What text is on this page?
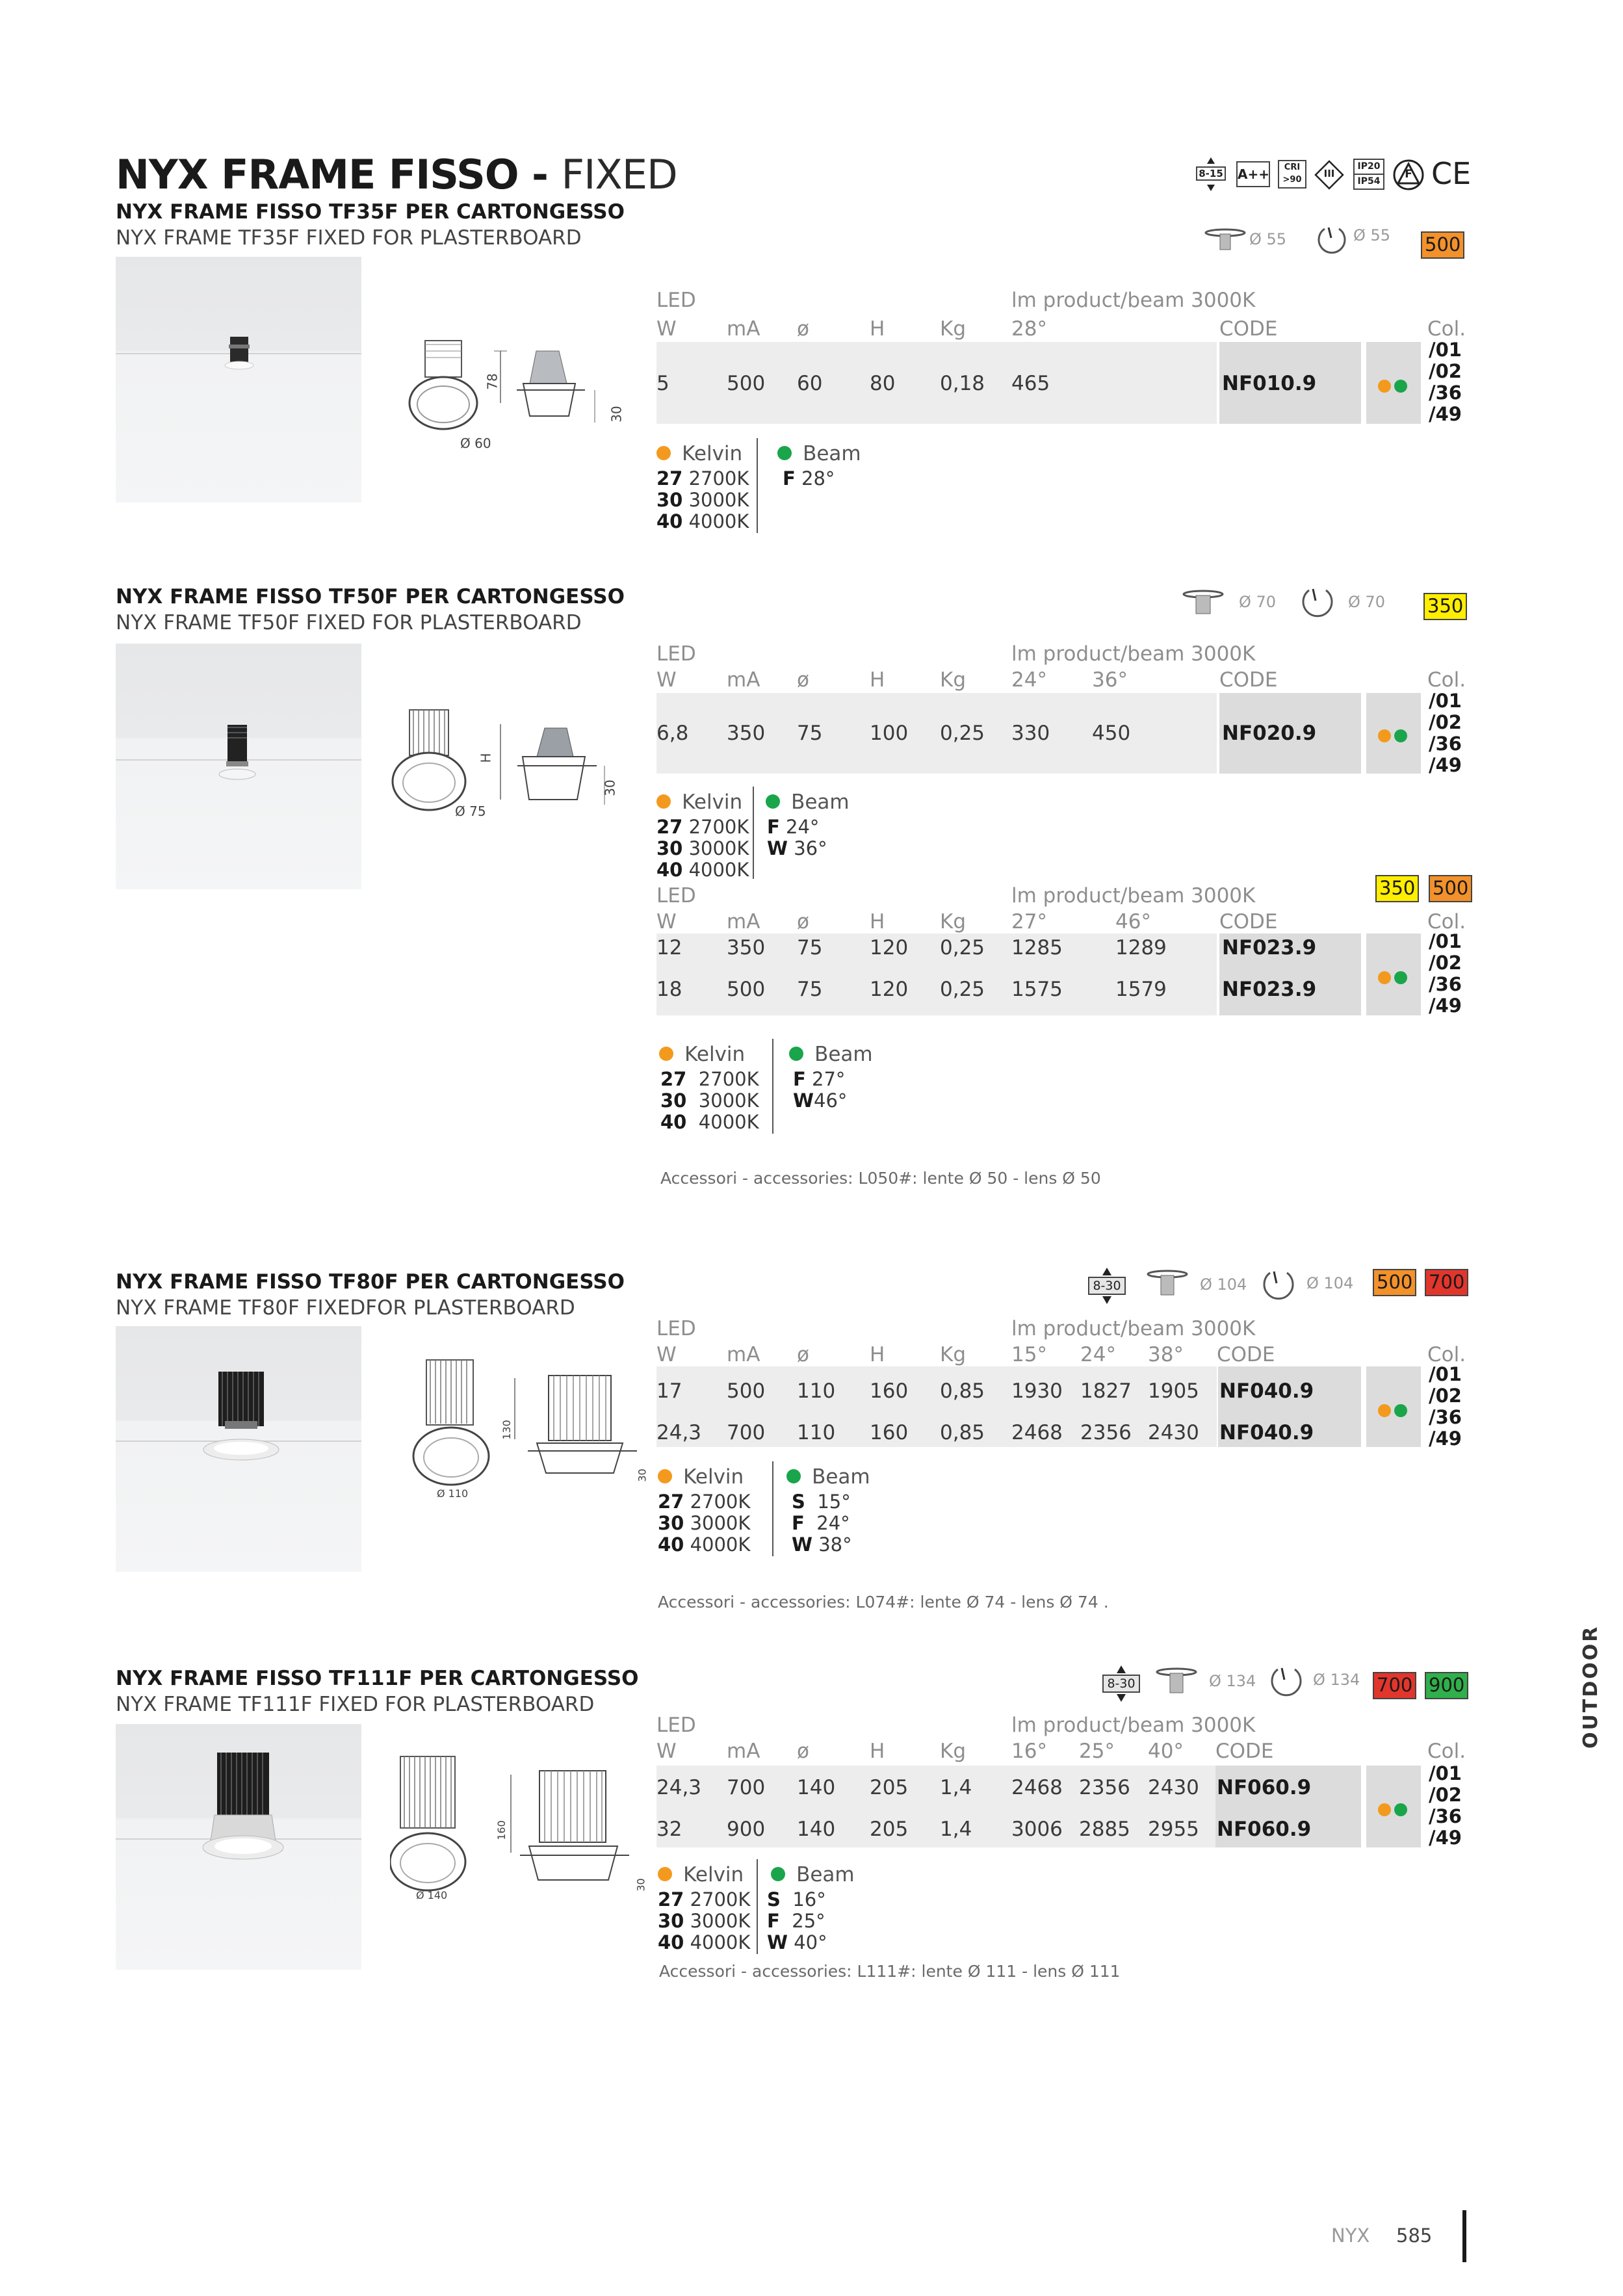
NYX FRAME FISSO - FIXED	8-15 A++	CRI >90
III
IP20
IP54
F CE
OUTDOOR
NYX FRAME FISSO TF35F PER CARTONGESSO
NYX FRAME TF35F FIXED FOR PLASTERBOARD	Ø 55	Ø 55 500
Ø 60
78
30
LED	lm product/beam 3000K
W mA ø	H	Kg 28°	CODE	Col.
5	500 60 80 0,18 465	NF010.9

/01
/02
/36
/49
Kelvin
27 2700K
30 3000K
40 4000K
Beam
F 28°
NYX FRAME FISSO TF50F PER CARTONGESSO
NYX FRAME TF50F FIXED FOR PLASTERBOARD
Ø 70	Ø 70 350
Ø 75
H
30
LED	lm product/beam 3000K
W mA ø	H	Kg 24° 36°	CODE	Col.
6,8 350 75 100 0,25 330 450	NF020.9

/01
/02
/36
/49
Kelvin
27 2700K
30 3000K
40 4000K
Beam
F 24°
W 36°
350 500
LED	lm product/beam 3000K
W mA ø	H	Kg 27°	46°	CODE	Col.
12 350 75 120 0,25 1285	1289	NF023.9
18 500 75 120 0,25 1575	1579	NF023.9

/01
/02
/36
/49
Kelvin
27 2700K
30 3000K
40 4000K
Beam
F 27°
W46°
Accessori - accessories: L050#: lente Ø 50 - lens Ø 50
NYX FRAME FISSO TF80F PER CARTONGESSO
NYX FRAME TF80F FIXEDFOR PLASTERBOARD
8-30	Ø 104	Ø 104 500 700
Ø 110
130
30
LED	lm product/beam 3000K
W mA ø	H	Kg 15° 24° 38° CODE	Col.
17 500 110 160 0,85 1930 1827 1905 NF040.9
24,3 700 110 160 0,85 2468 2356 2430 NF040.9

/01
/02
/36
/49
Kelvin
27 2700K
30 3000K
40 4000K
Beam
S 15°
F 24°
W 38°
Accessori - accessories: L074#: lente Ø 74 - lens Ø 74 .
NYX FRAME FISSO TF111F PER CARTONGESSO
NYX FRAME TF111F FIXED FOR PLASTERBOARD
8-30	Ø 134	Ø 134 700 900
Ø 140
160
30
LED	lm product/beam 3000K
W mA ø	H	Kg 16° 25° 40° CODE	Col.
24,3 700 140 205 1,4 2468 2356 2430 NF060.9
32 900 140 205 1,4 3006 2885 2955 NF060.9

/01
/02
/36
/49
Kelvin
27 2700K
30 3000K
40 4000K
Beam
S 16°
F 25°
W 40°
Accessori - accessories: L111#: lente Ø 111 - lens Ø 111
NYX 585
